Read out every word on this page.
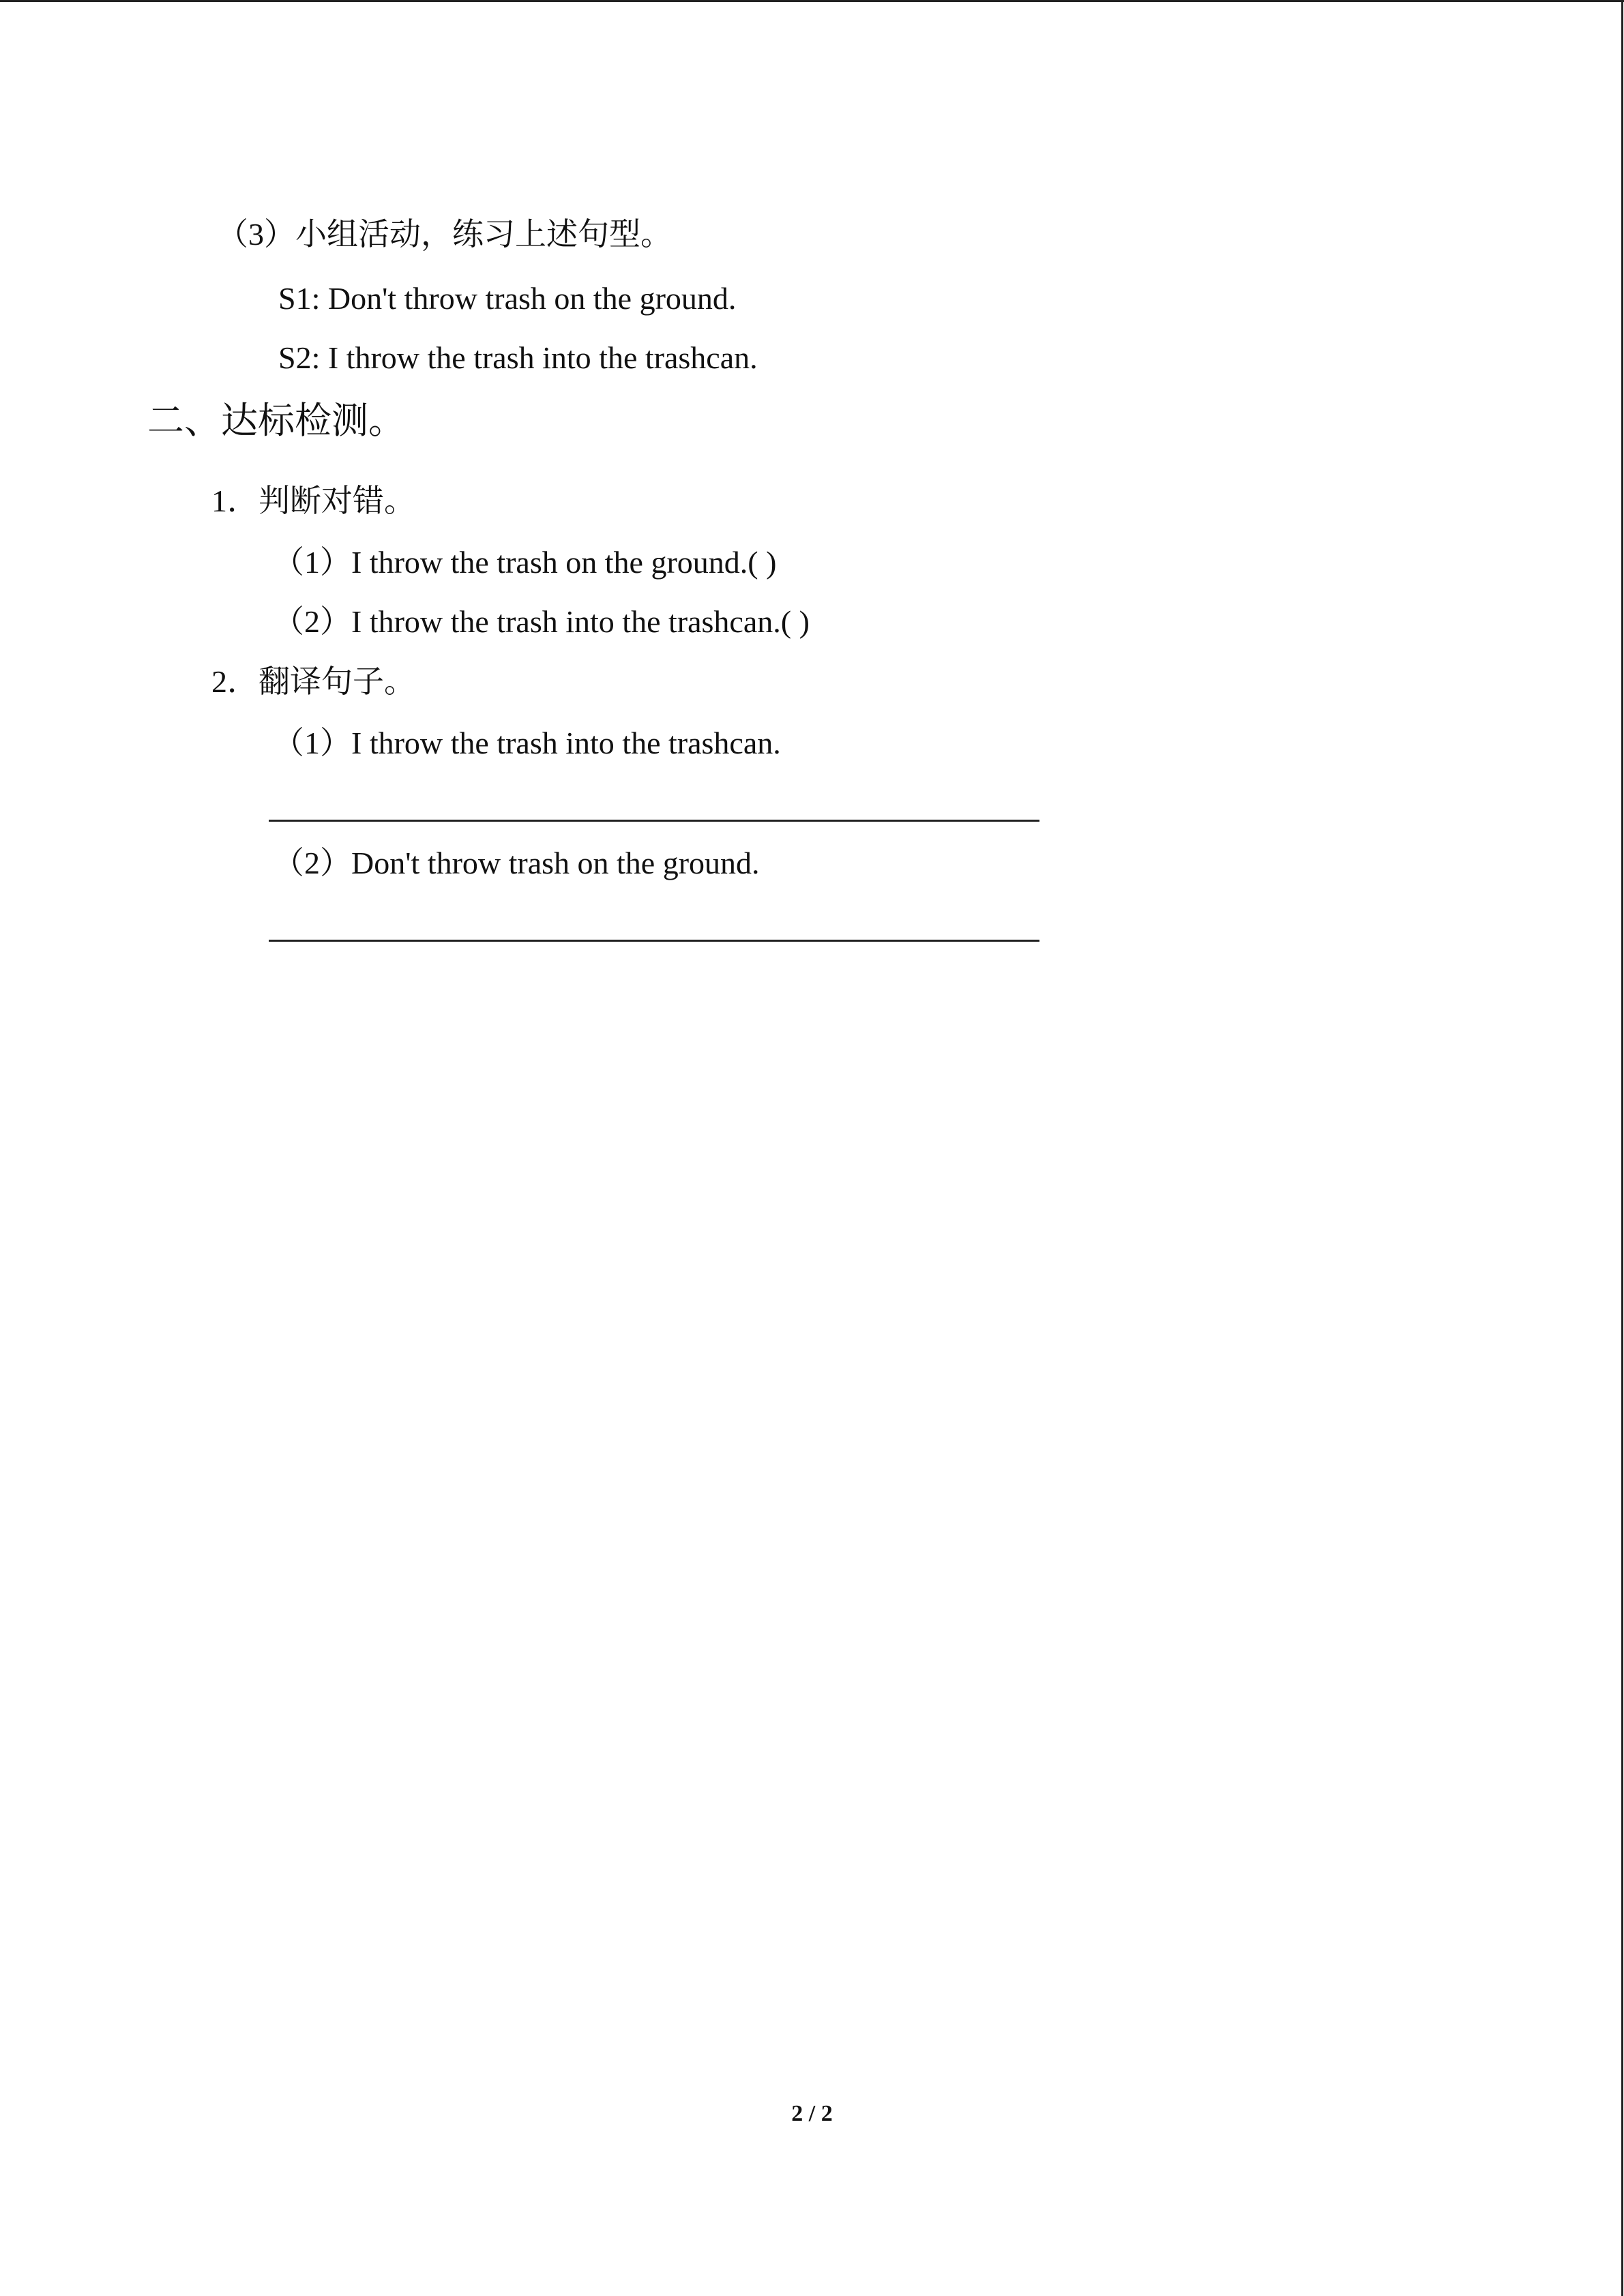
（3）小组活动，练习上述句型。
S1: Don't throw trash on the ground.
S2: I throw the trash into the trashcan.
二、达标检测。
1．判断对错。
（1）I throw the trash on the ground.( )
（2）I throw the trash into the trashcan.( )
2．翻译句子。
（1）I throw the trash into the trashcan.
（2）Don't throw trash on the ground.
2 / 2
